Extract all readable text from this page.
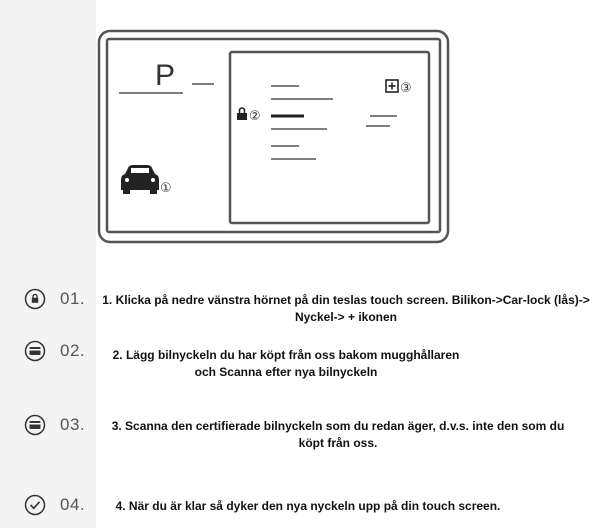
P
①
②
③
01.	1. Klicka på nedre vänstra hörnet på din teslas touch screen. Bilikon->Car-lock (lås)->
Nyckel-> + ikonen
02.	2. Lägg bilnyckeln du har köpt från oss bakom mugghållaren
och Scanna efter nya bilnyckeln
03.	3. Scanna den certifierade bilnyckeln som du redan äger, d.v.s. inte den som du
köpt från oss.
04.	4. När du är klar så dyker den nya nyckeln upp på din touch screen.
